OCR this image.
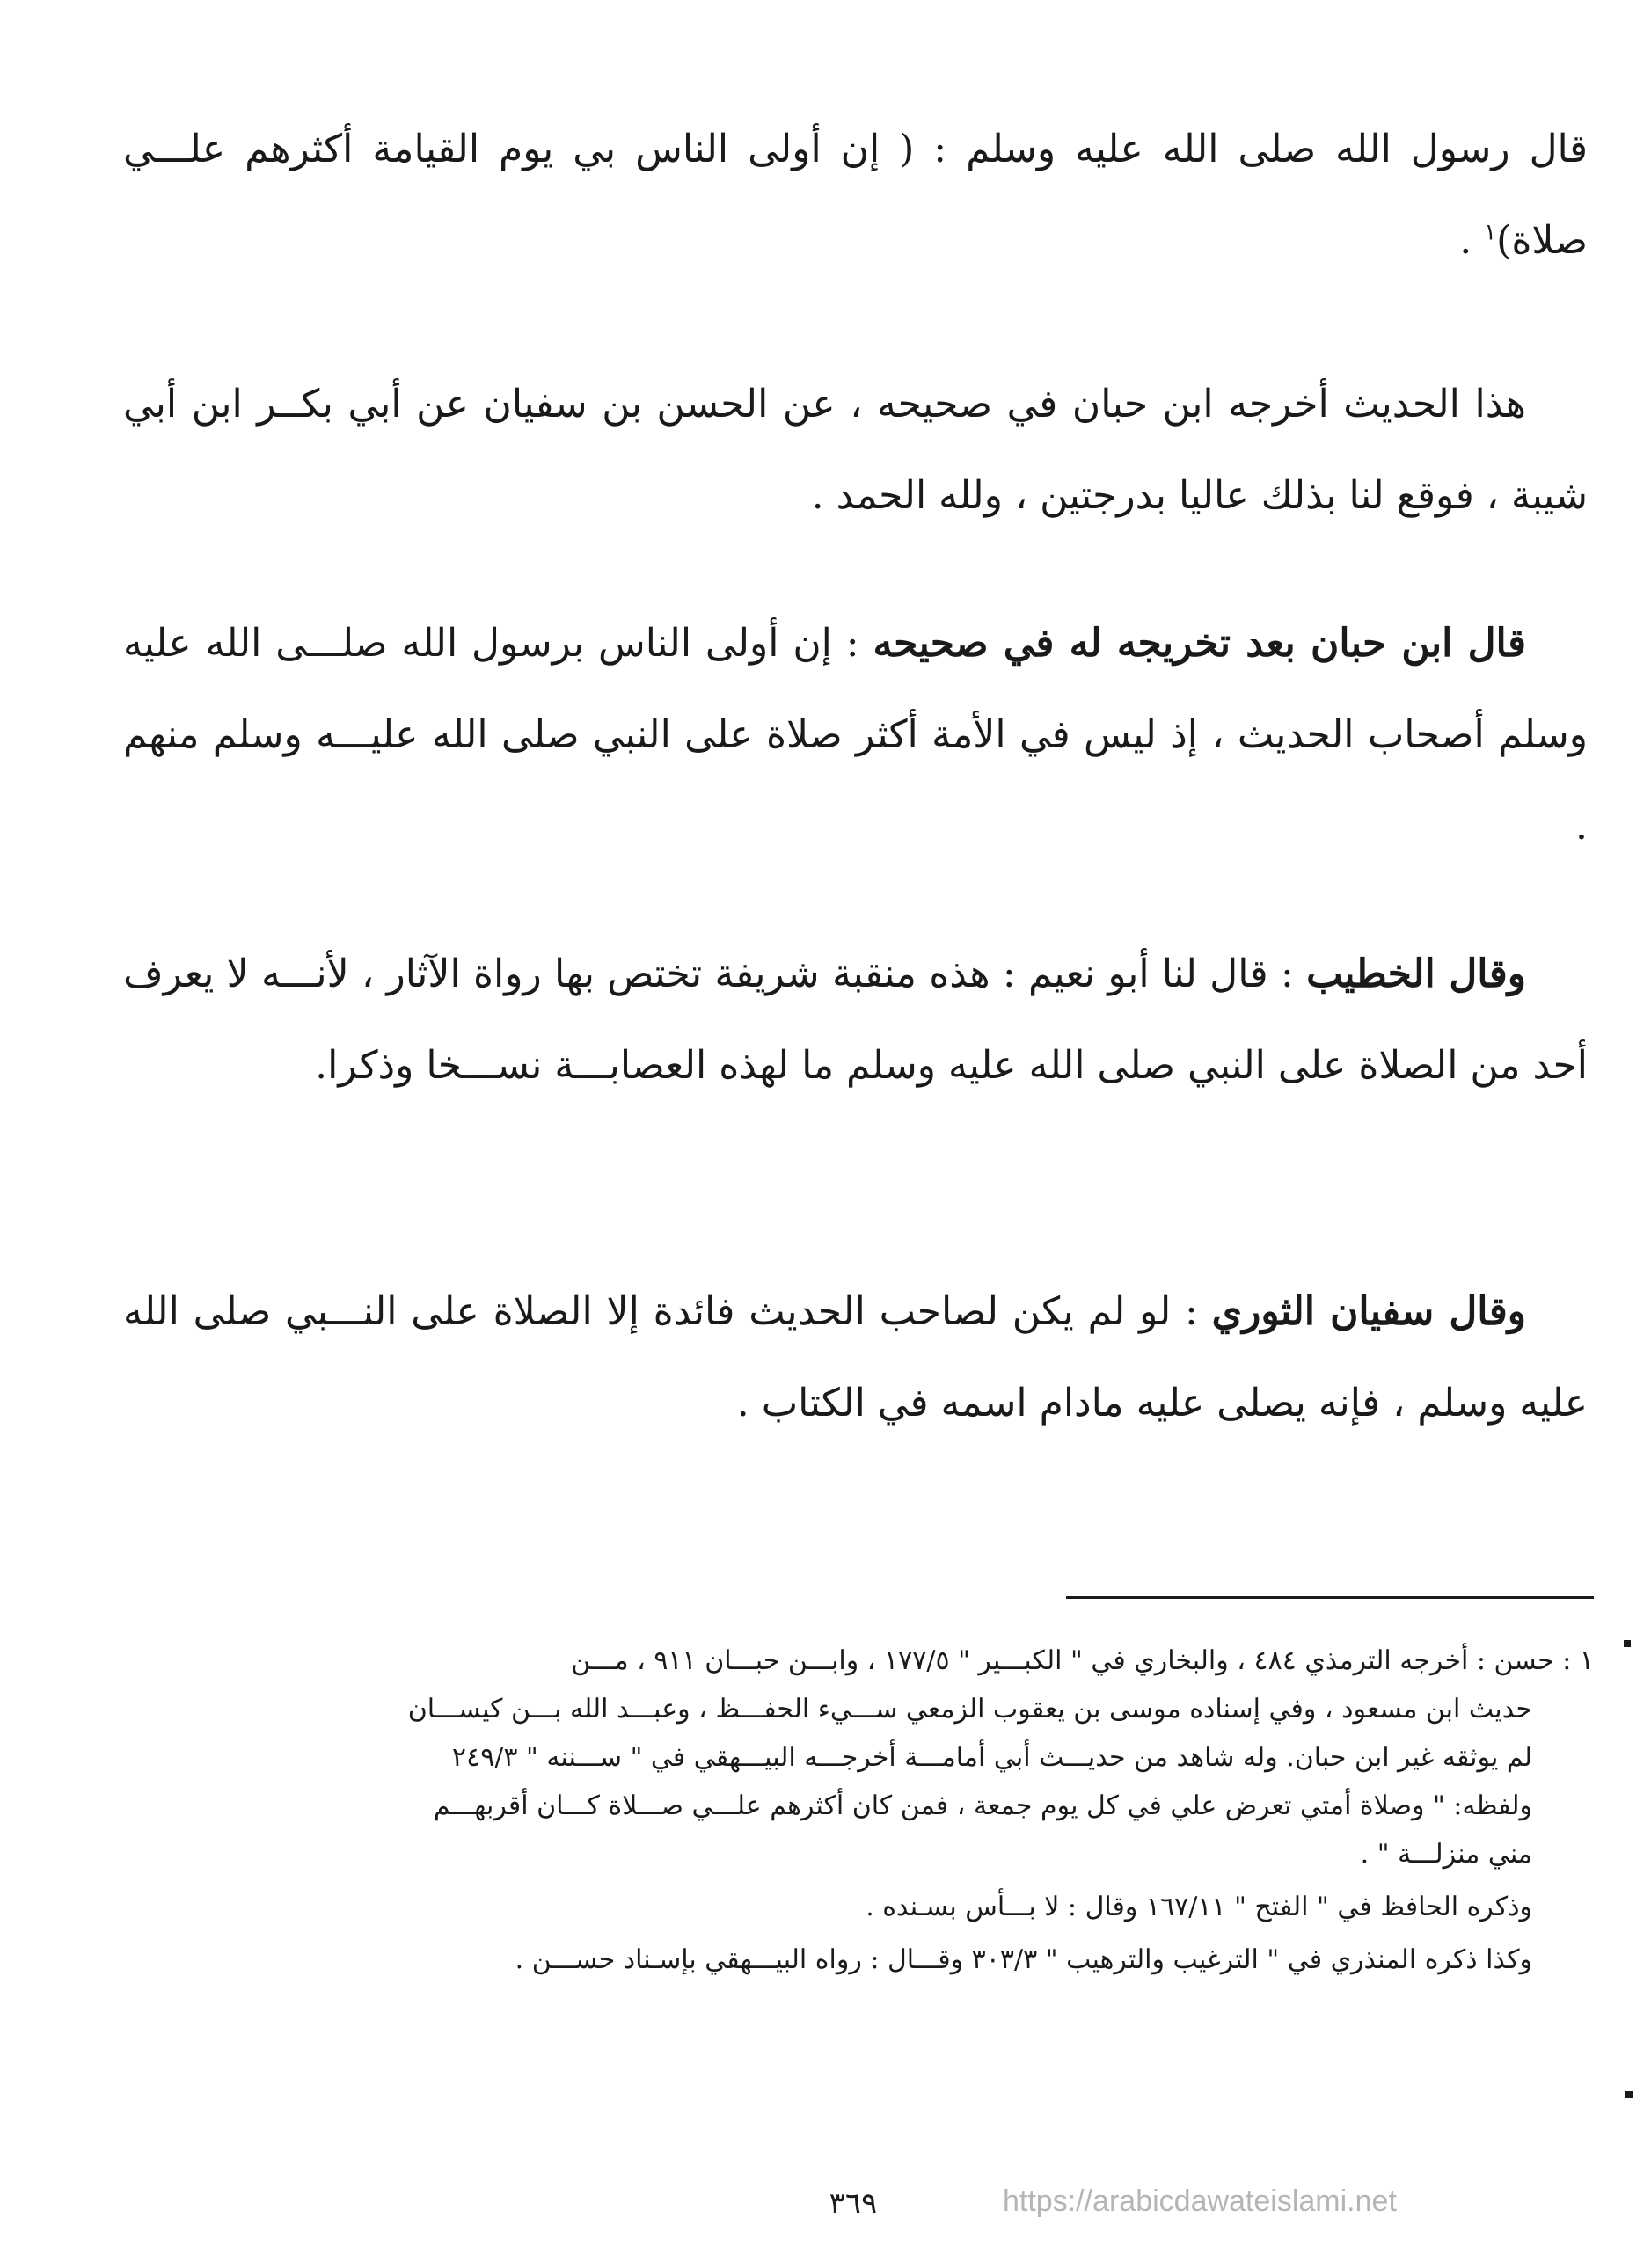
قال رسول الله صلى الله عليه وسلم : ( إن أولى الناس بي يوم القيامة أكثرهم علـــي صلاة)$^١$ .

هذا الحديث أخرجه ابن حبان في صحيحه ، عن الحسن بن سفيان عن أبي بكــر ابن أبي شيبة ، فوقع لنا بذلك عاليا بدرجتين ، ولله الحمد .

قال ابن حبان بعد تخريجه له في صحيحه : إن أولى الناس برسول الله صلـــى الله عليه وسلم أصحاب الحديث ، إذ ليس في الأمة أكثر صلاة على النبي صلى الله عليـــه وسلم منهم .

وقال الخطيب : قال لنا أبو نعيم : هذه منقبة شريفة تختص بها رواة الآثار ، لأنـــه لا يعرف أحد من الصلاة على النبي صلى الله عليه وسلم ما لهذه العصابـــة نســـخا وذكرا.

وقال سفيان الثوري : لو لم يكن لصاحب الحديث فائدة إلا الصلاة على النـــبي صلى الله عليه وسلم ، فإنه يصلى عليه مادام اسمه في الكتاب .

١ : حسن : أخرجه الترمذي ٤٨٤ ، والبخاري في " الكبـــير " ١٧٧/٥ ، وابـــن حبـــان ٩١١ ، مـــن

حديث ابن مسعود ، وفي إسناده موسى بن يعقوب الزمعي ســـيء الحفـــظ ، وعبـــد الله بـــن كيســـان

لم يوثقه غير ابن حبان. وله شاهد من حديـــث أبي أمامـــة أخرجـــه البيـــهقي في " ســـننه " ٢٤٩/٣

ولفظه: " وصلاة أمتي تعرض علي في كل يوم جمعة ، فمن كان أكثرهم علـــي صـــلاة كـــان أقربهـــم

مني منزلـــة " .

وذكره الحافظ في " الفتح " ١٦٧/١١ وقال : لا بـــأس بسـنده .

وكذا ذكره المنذري في " الترغيب والترهيب " ٣٠٣/٣ وقـــال : رواه البيـــهقي بإسـناد حســـن .

٣٦٩	https://arabicdawateislami.net
